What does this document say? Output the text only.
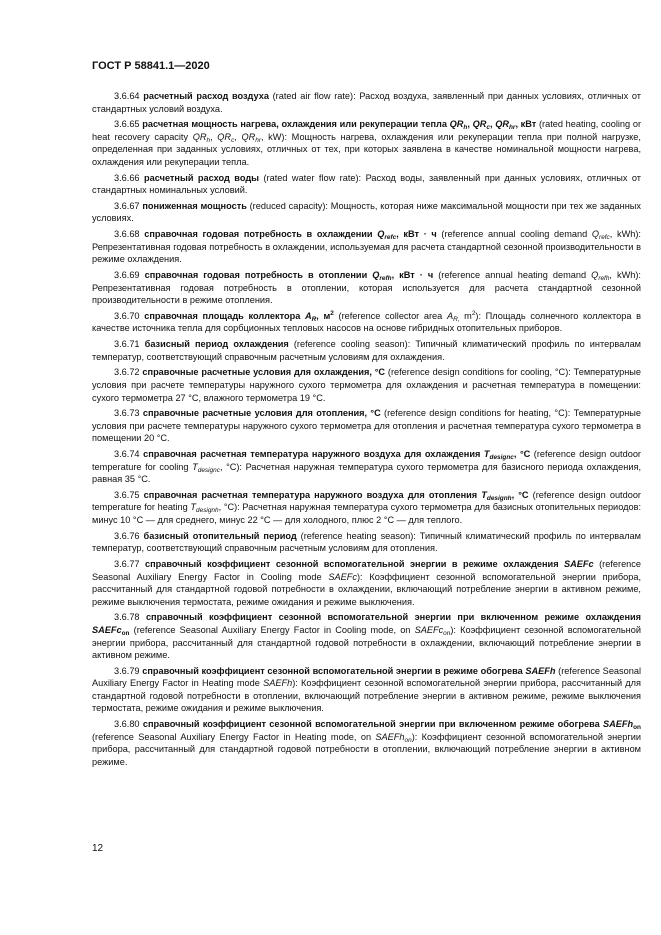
ГОСТ Р 58841.1—2020

3.6.64 расчетный расход воздуха (rated air flow rate): Расход воздуха, заявленный при данных условиях, отличных от стандартных условий воздуха.

3.6.65 расчетная мощность нагрева, охлаждения или рекуперации тепла $QR_h$, $QR_c$, $QR_{hr}$, кВт (rated heating, cooling or heat recovery capacity $QR_h$, $QR_c$, $QR_{hr}$, kW): Мощность нагрева, охлаждения или рекуперации тепла при полной нагрузке, определенная при заданных условиях, отличных от тех, при которых заявлена в качестве номинальной мощности нагрева, охлаждения или рекуперации тепла.

3.6.66 расчетный расход воды (rated water flow rate): Расход воды, заявленный при данных условиях, отличных от стандартных номинальных условий.

3.6.67 пониженная мощность (reduced capacity): Мощность, которая ниже максимальной мощности при тех же заданных условиях.

3.6.68 справочная годовая потребность в охлаждении $Q_{refc}$, кВт · ч (reference annual cooling demand $Q_{refc}$, kWh): Репрезентативная годовая потребность в охлаждении, используемая для расчета стандартной сезонной производительности в режиме охлаждения.

3.6.69 справочная годовая потребность в отоплении $Q_{refh}$, кВт · ч (reference annual heating demand $Q_{refh}$, kWh): Репрезентативная годовая потребность в отоплении, которая используется для расчета стандартной сезонной производительности в режиме отопления.

3.6.70 справочная площадь коллектора $A_R$, $м^2$ (reference collector area $A_{R,}$ $m^2$): Площадь солнечного коллектора в качестве источника тепла для сорбционных тепловых насосов на основе гибридных отопительных приборов.

3.6.71 базисный период охлаждения (reference cooling season): Типичный климатический профиль по интервалам температур, соответствующий справочным расчетным условиям для охлаждения.

3.6.72 справочные расчетные условия для охлаждения, °С (reference design conditions for cooling, °С): Температурные условия при расчете температуры наружного сухого термометра для охлаждения и расчетная температура в помещении: сухого термометра 27 °С, влажного термометра 19 °С.

3.6.73 справочные расчетные условия для отопления, °С (reference design conditions for heating, °С): Температурные условия при расчете температуры наружного сухого термометра для отопления и расчетная температура сухого термометра в помещении 20 °С.

3.6.74 справочная расчетная температура наружного воздуха для охлаждения $T_{designc}$, °С (reference design outdoor temperature for cooling $T_{designc}$, °С): Расчетная наружная температура сухого термометра для базисного периода охлаждения, равная 35 °С.

3.6.75 справочная расчетная температура наружного воздуха для отопления $T_{designh}$, °С (reference design outdoor temperature for heating $T_{designh}$, °С): Расчетная наружная температура сухого термометра для базисных отопительных периодов: минус 10 °С — для среднего, минус 22 °С — для холодного, плюс 2 °С — для теплого.

3.6.76 базисный отопительный период (reference heating season): Типичный климатический профиль по интервалам температур, соответствующий справочным расчетным условиям для отопления.

3.6.77 справочный коэффициент сезонной вспомогательной энергии в режиме охлаждения SAEFc (reference Seasonal Auxiliary Energy Factor in Cooling mode SAEFc): Коэффициент сезонной вспомогательной энергии прибора, рассчитанный для стандартной годовой потребности в охлаждении, включающий потребление энергии в активном режиме, режиме выключения термостата, режиме ожидания и режиме выключения.

3.6.78 справочный коэффициент сезонной вспомогательной энергии при включенном режиме охлаждения SAEFc$_{on}$ (reference Seasonal Auxiliary Energy Factor in Cooling mode, on SAEFc$_{on}$): Коэффициент сезонной вспомогательной энергии прибора, рассчитанный для стандартной годовой потребности в охлаждении, включающий потребление энергии в активном режиме.

3.6.79 справочный коэффициент сезонной вспомогательной энергии в режиме обогрева SAEFh (reference Seasonal Auxiliary Energy Factor in Heating mode SAEFh): Коэффициент сезонной вспомогательной энергии прибора, рассчитанный для стандартной годовой потребности в отоплении, включающий потребление энергии в активном режиме, режиме выключения термостата, режиме ожидания и режиме выключения.

3.6.80 справочный коэффициент сезонной вспомогательной энергии при включенном режиме обогрева SAEFh$_{on}$ (reference Seasonal Auxiliary Energy Factor in Heating mode, on SAEFh$_{on}$): Коэффициент сезонной вспомогательной энергии прибора, рассчитанный для стандартной годовой потребности в отоплении, включающий потребление энергии в активном режиме.

12
